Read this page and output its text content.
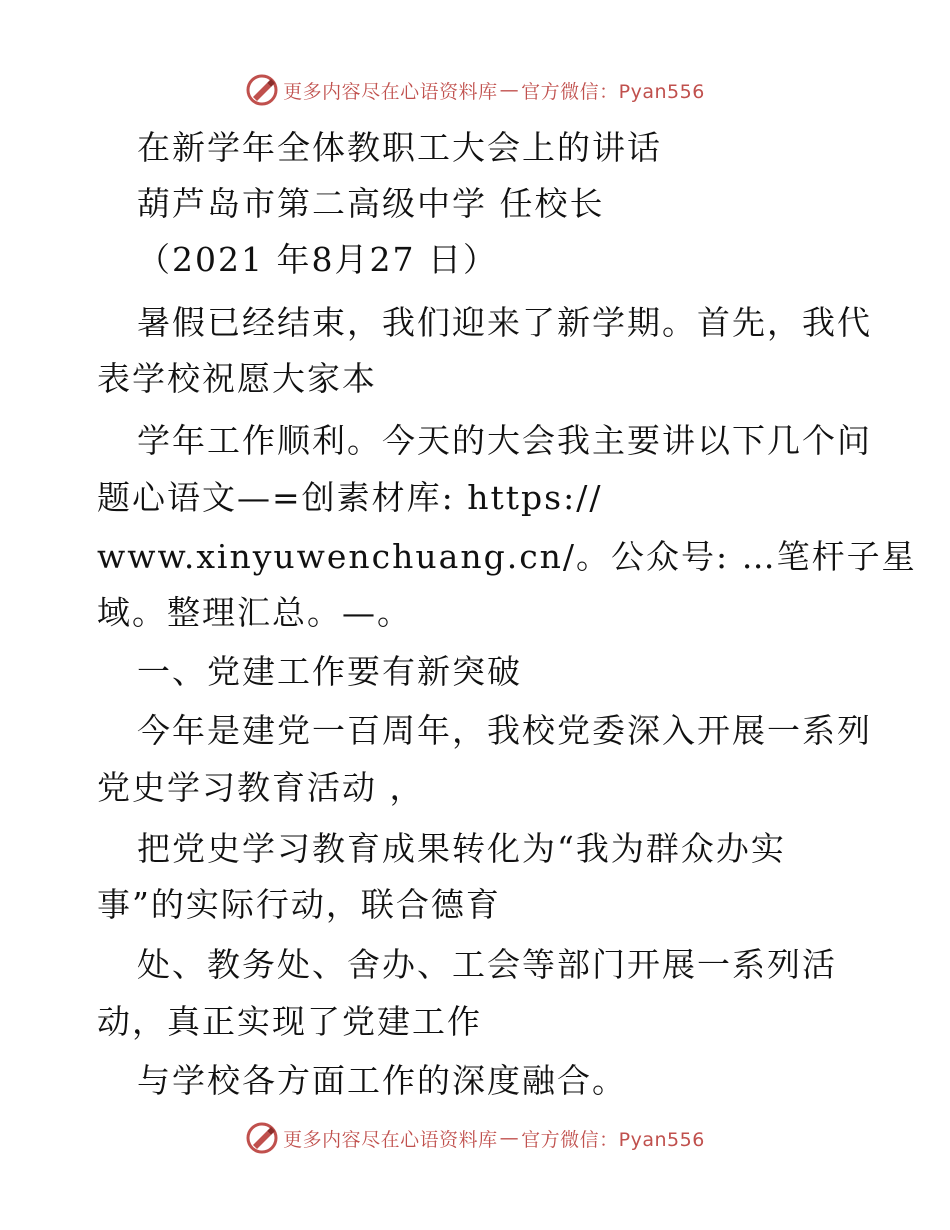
更多内容尽在心语资料库 — 官方微信：Pyan556
在新学年全体教职工大会上的讲话
葫芦岛市第二高级中学 任校长
（2021 年8月27 日）
暑假已经结束，我们迎来了新学期。首先，我代
表学校祝愿大家本
学年工作顺利。今天的大会我主要讲以下几个问
题心语文—=创素材库: https://
www.xinyuwenchuang.cn/。公众号: …笔杆子星
域。整理汇总。—。
一、党建工作要有新突破
今年是建党一百周年，我校党委深入开展一系列
党史学习教育活动 ，
把党史学习教育成果转化为“我为群众办实
事”的实际行动，联合德育
处、教务处、舍办、工会等部门开展一系列活
动，真正实现了党建工作
与学校各方面工作的深度融合。
更多内容尽在心语资料库 — 官方微信：Pyan556
